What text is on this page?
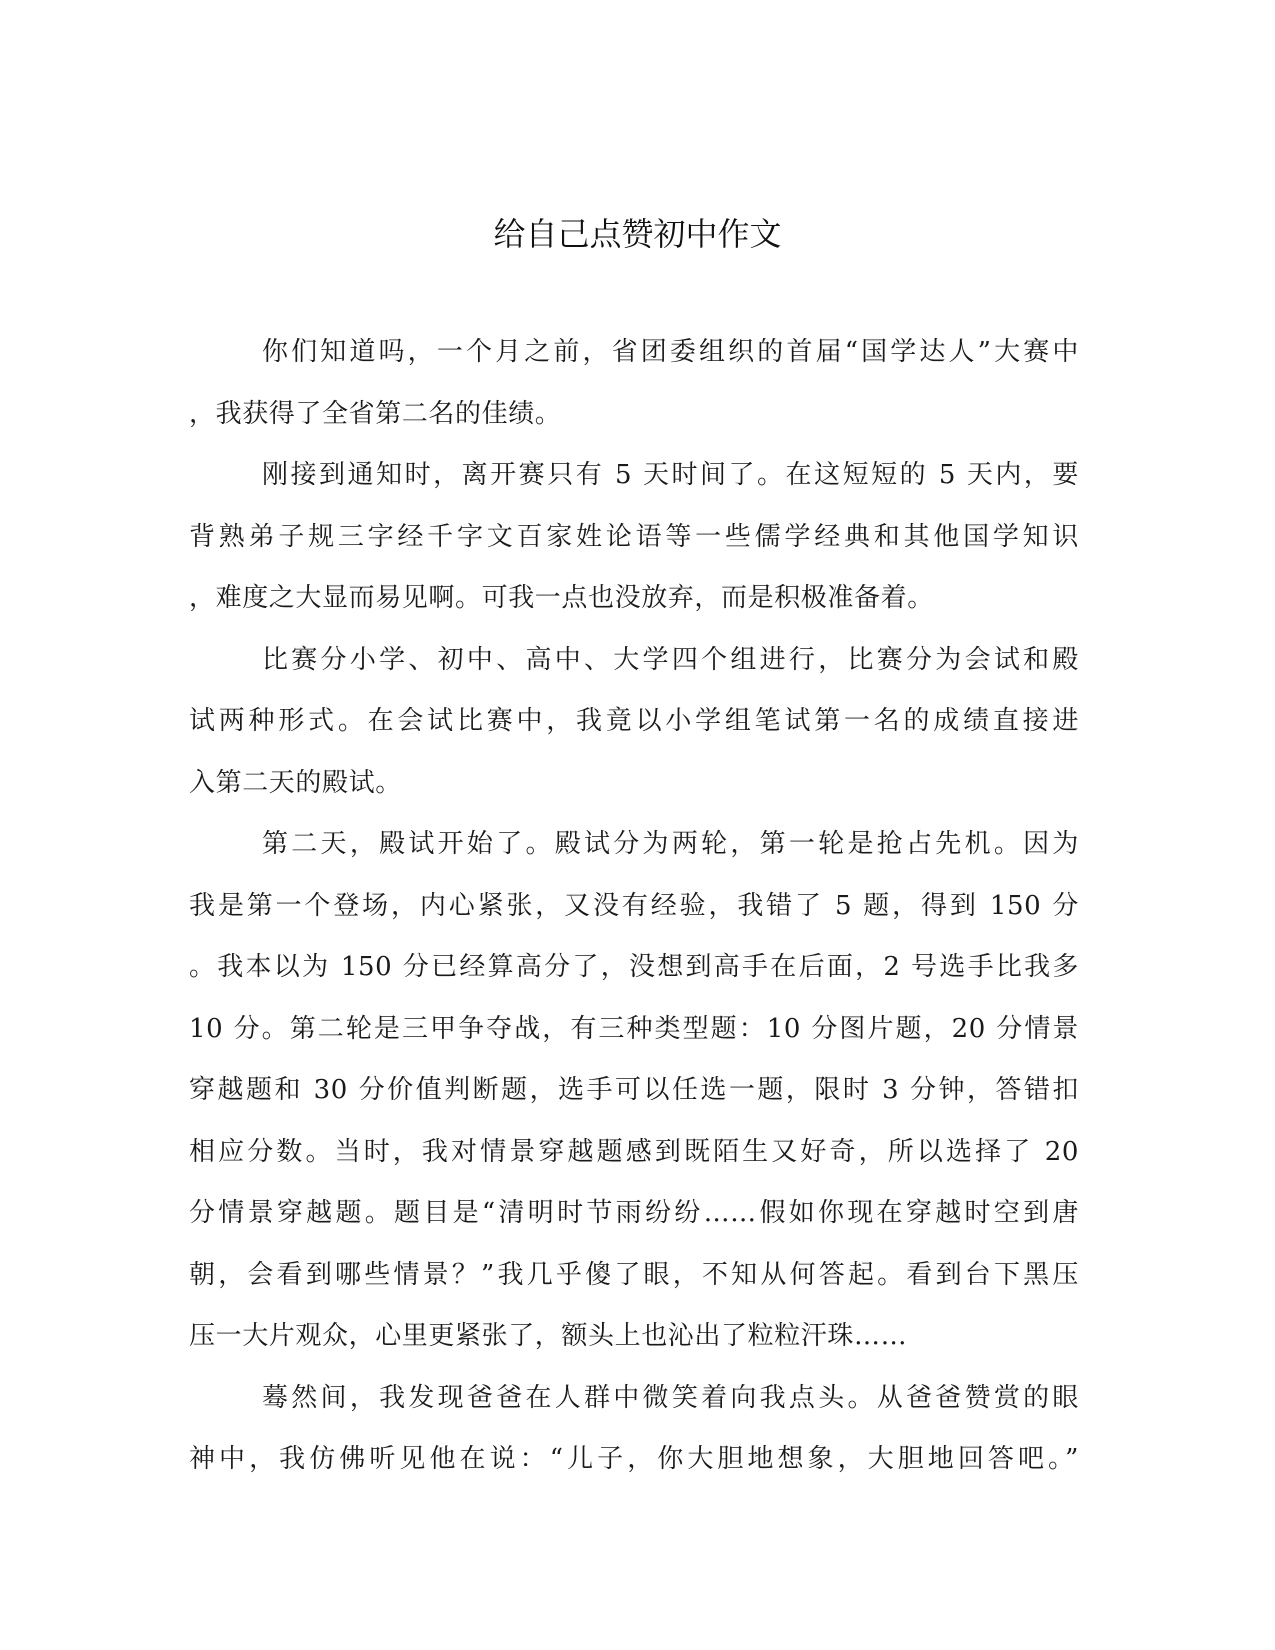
给自己点赞初中作文
你们知道吗，一个月之前，省团委组织的首届“国学达人”大赛中
，我获得了全省第二名的佳绩。
刚接到通知时，离开赛只有 5 天时间了。在这短短的 5 天内，要
背熟弟子规三字经千字文百家姓论语等一些儒学经典和其他国学知识
，难度之大显而易见啊。可我一点也没放弃，而是积极准备着。
比赛分小学、初中、高中、大学四个组进行，比赛分为会试和殿
试两种形式。在会试比赛中，我竟以小学组笔试第一名的成绩直接进
入第二天的殿试。
第二天，殿试开始了。殿试分为两轮，第一轮是抢占先机。因为
我是第一个登场，内心紧张，又没有经验，我错了 5 题，得到 150 分
。我本以为 150 分已经算高分了，没想到高手在后面，2 号选手比我多
10 分。第二轮是三甲争夺战，有三种类型题：10 分图片题，20 分情景
穿越题和 30 分价值判断题，选手可以任选一题，限时 3 分钟，答错扣
相应分数。当时，我对情景穿越题感到既陌生又好奇，所以选择了 20
分情景穿越题。题目是“清明时节雨纷纷……假如你现在穿越时空到唐
朝，会看到哪些情景？”我几乎傻了眼，不知从何答起。看到台下黑压
压一大片观众，心里更紧张了，额头上也沁出了粒粒汗珠……
蓦然间，我发现爸爸在人群中微笑着向我点头。从爸爸赞赏的眼
神中，我仿佛听见他在说：“儿子，你大胆地想象，大胆地回答吧。”
